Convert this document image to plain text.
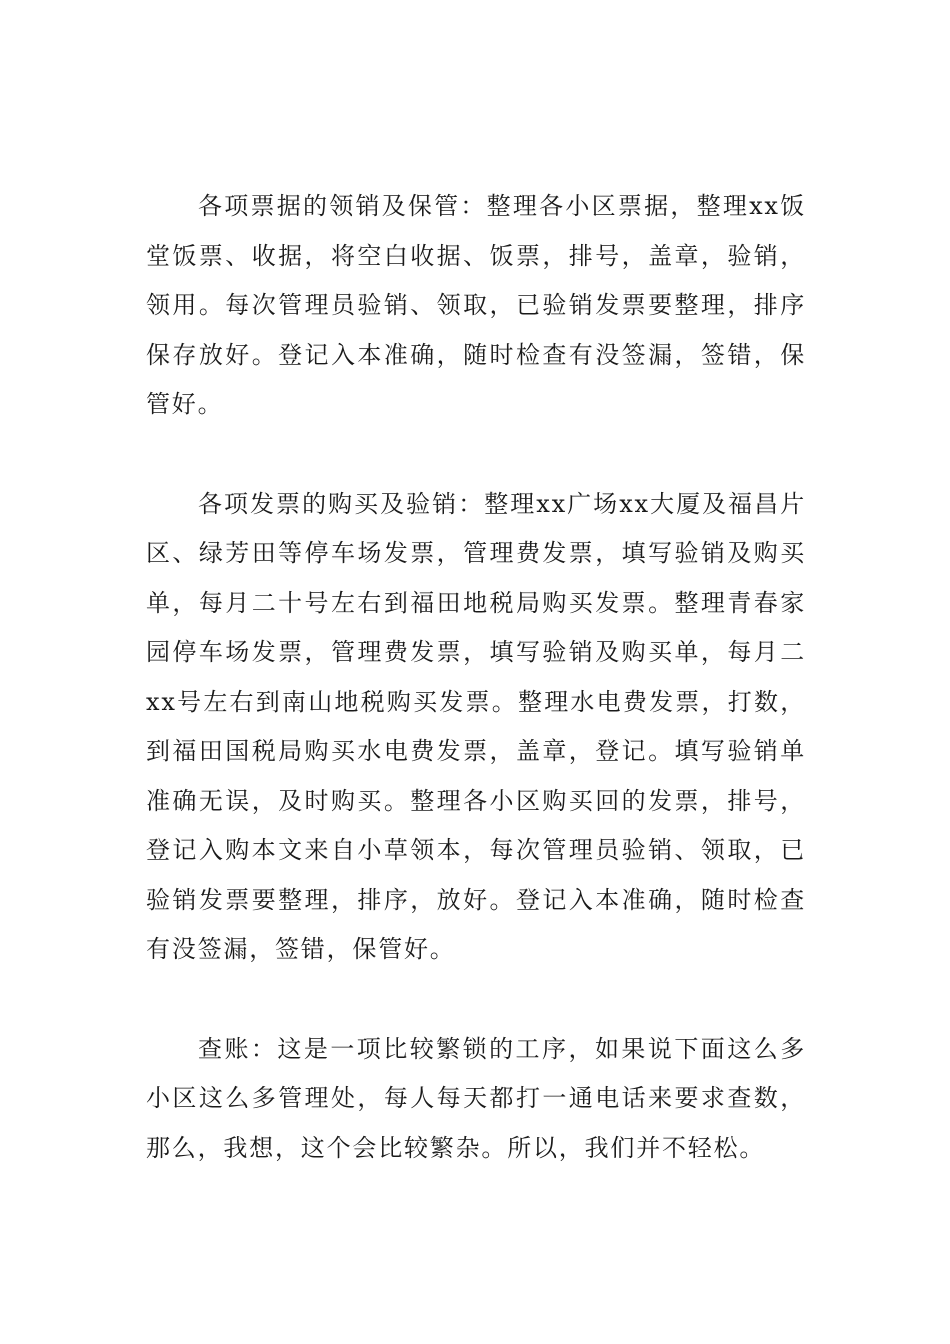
各项票据的领销及保管：整理各小区票据，整理xx饭堂饭票、收据，将空白收据、饭票，排号，盖章，验销，领用。每次管理员验销、领取，已验销发票要整理，排序保存放好。登记入本准确，随时检查有没签漏，签错，保管好。

各项发票的购买及验销：整理xx广场xx大厦及福昌片区、绿芳田等停车场发票，管理费发票，填写验销及购买单，每月二十号左右到福田地税局购买发票。整理青春家园停车场发票，管理费发票，填写验销及购买单，每月二xx号左右到南山地税购买发票。整理水电费发票，打数，到福田国税局购买水电费发票，盖章，登记。填写验销单准确无误，及时购买。整理各小区购买回的发票，排号，登记入购本文来自小草领本，每次管理员验销、领取，已验销发票要整理，排序，放好。登记入本准确，随时检查有没签漏，签错，保管好。

查账：这是一项比较繁锁的工序，如果说下面这么多小区这么多管理处，每人每天都打一通电话来要求查数，那么，我想，这个会比较繁杂。所以，我们并不轻松。
